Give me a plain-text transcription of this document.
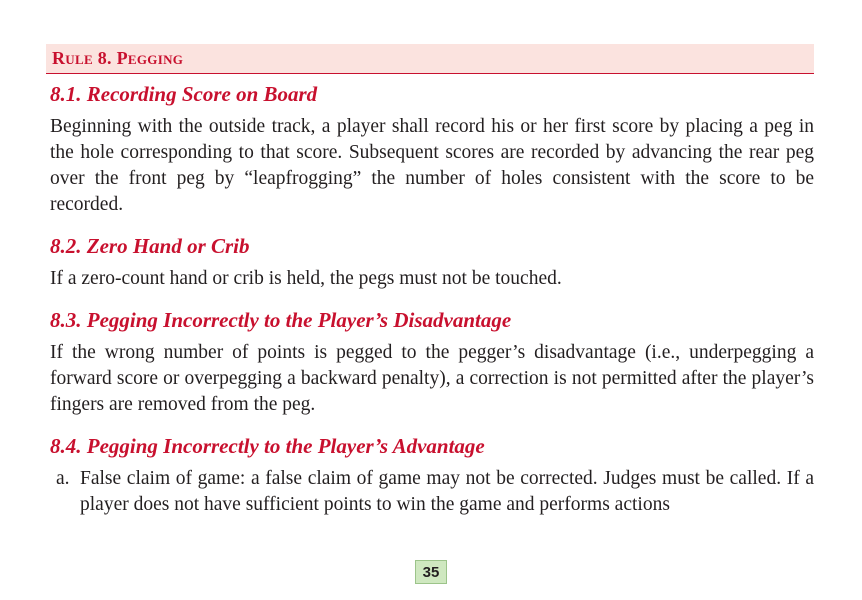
Rule 8. Pegging
8.1. Recording Score on Board

Beginning with the outside track, a player shall record his or her first score by placing a peg in the hole corresponding to that score. Subsequent scores are recorded by advancing the rear peg over the front peg by “leapfrogging” the number of holes consistent with the score to be recorded.

8.2. Zero Hand or Crib

If a zero-count hand or crib is held, the pegs must not be touched.

8.3. Pegging Incorrectly to the Player’s Disadvantage

If the wrong number of points is pegged to the pegger’s disadvantage (i.e., underpegging a forward score or overpegging a backward penalty), a correction is not permitted after the player’s fingers are removed from the peg.

8.4. Pegging Incorrectly to the Player’s Advantage
a. False claim of game: a false claim of game may not be corrected. Judges must be called. If a player does not have sufficient points to win the game and performs actions
35
